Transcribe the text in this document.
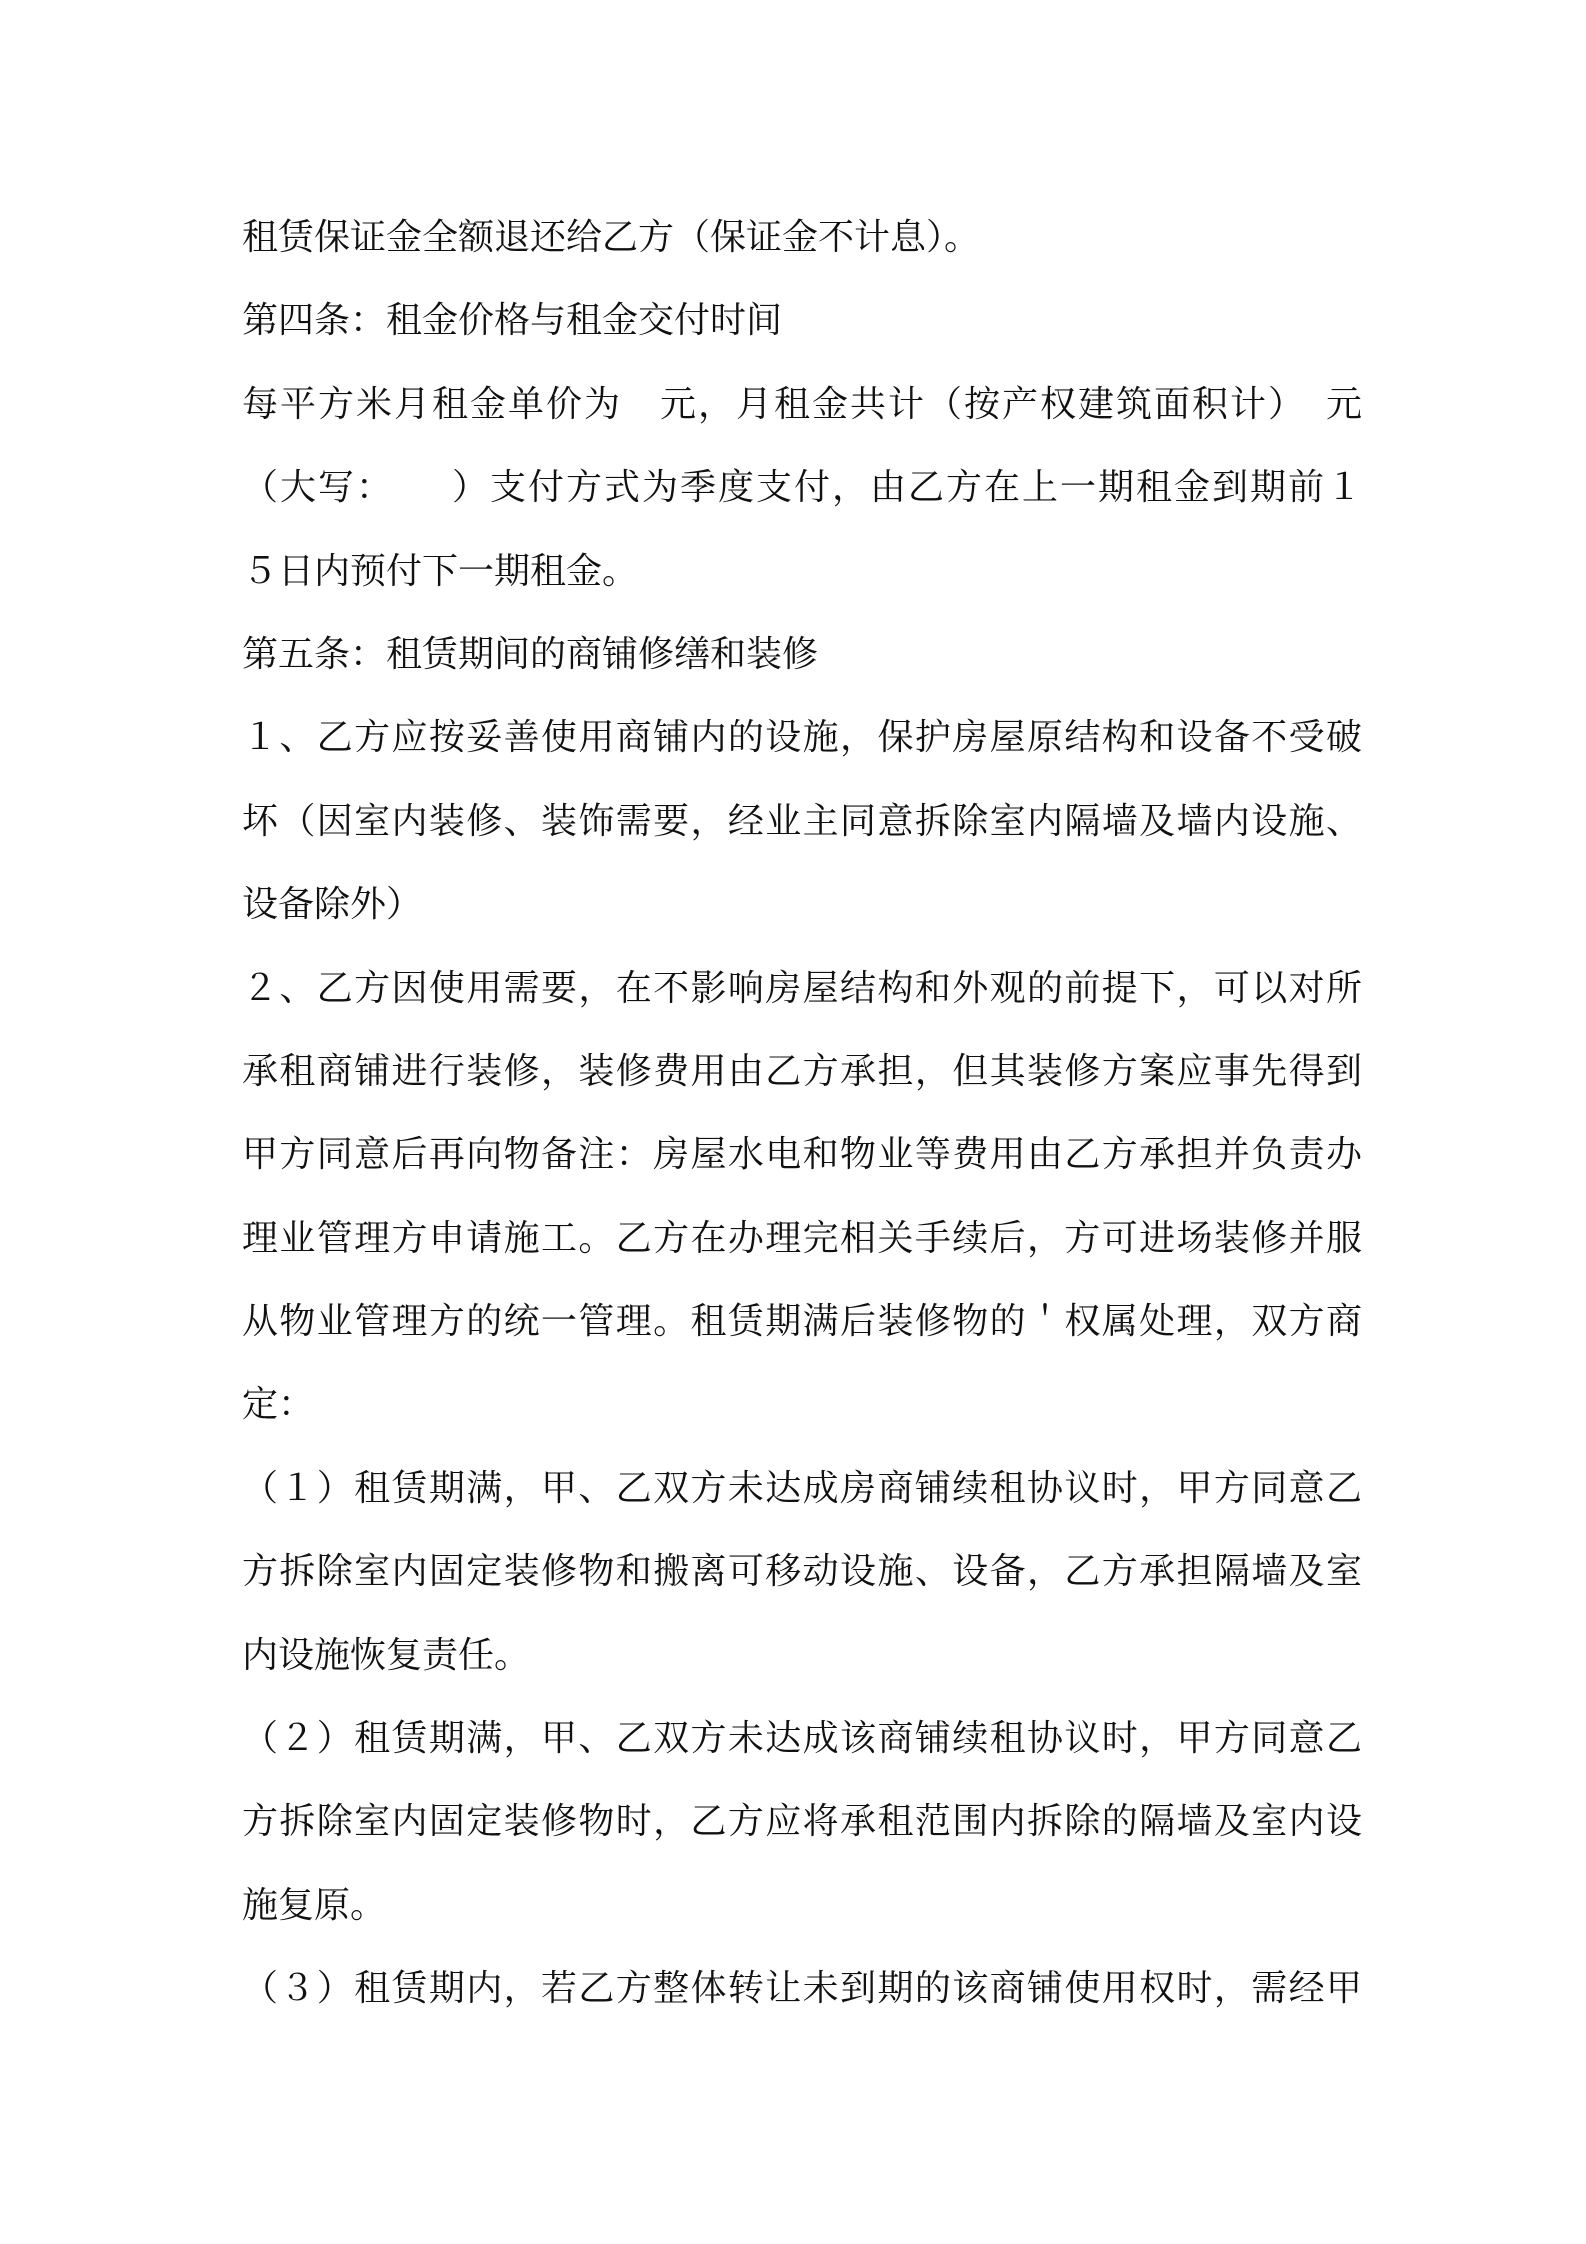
租赁保证金全额退还给乙方（保证金不计息）。
第四条：租金价格与租金交付时间
每平方米月租金单价为　元，月租金共计（按产权建筑面积计）　元
（大写：　　）支付方式为季度支付，由乙方在上一期租金到期前１
５日内预付下一期租金。
第五条：租赁期间的商铺修缮和装修
１、乙方应按妥善使用商铺内的设施，保护房屋原结构和设备不受破
坏（因室内装修、装饰需要，经业主同意拆除室内隔墙及墙内设施、
设备除外）
２、乙方因使用需要，在不影响房屋结构和外观的前提下，可以对所
承租商铺进行装修，装修费用由乙方承担，但其装修方案应事先得到
甲方同意后再向物备注：房屋水电和物业等费用由乙方承担并负责办
理业管理方申请施工。乙方在办理完相关手续后，方可进场装修并服
从物业管理方的统一管理。租赁期满后装修物的＇权属处理，双方商
定：
（１）租赁期满，甲、乙双方未达成房商铺续租协议时，甲方同意乙
方拆除室内固定装修物和搬离可移动设施、设备，乙方承担隔墙及室
内设施恢复责任。
（２）租赁期满，甲、乙双方未达成该商铺续租协议时，甲方同意乙
方拆除室内固定装修物时，乙方应将承租范围内拆除的隔墙及室内设
施复原。
（３）租赁期内，若乙方整体转让未到期的该商铺使用权时，需经甲
